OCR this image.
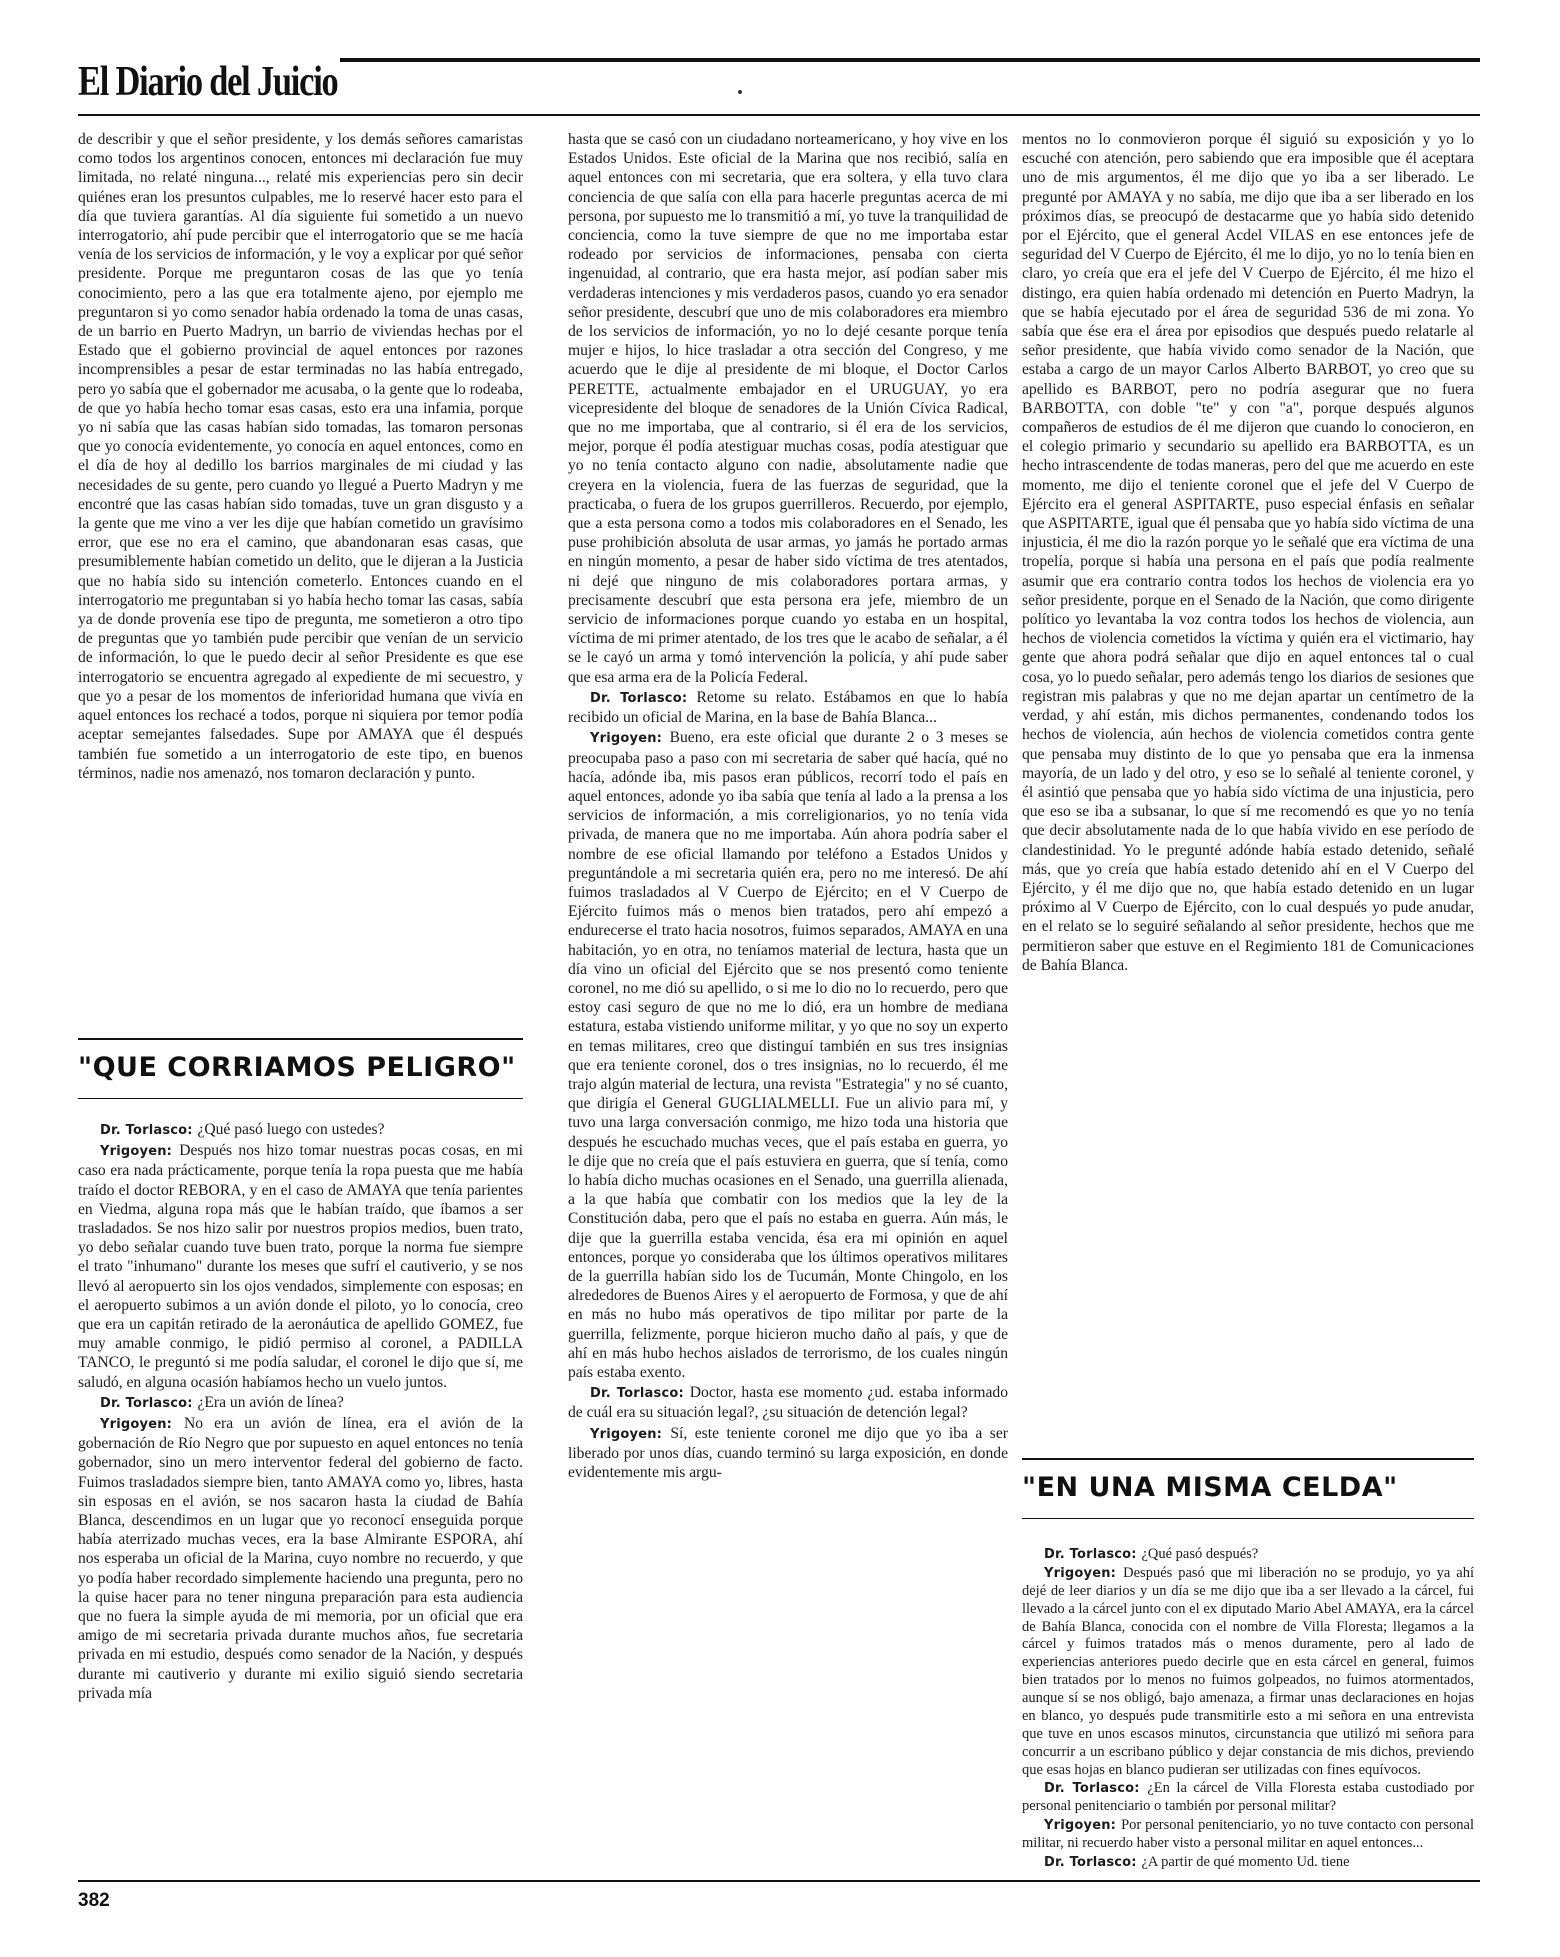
El Diario del Juicio

de describir y que el señor presidente, y los demás señores camaristas como todos los argentinos conocen, entonces mi declaración fue muy limitada, no relaté ninguna..., relaté mis experiencias pero sin decir quiénes eran los presuntos culpables, me lo reservé hacer esto para el día que tuviera garantías. Al día siguiente fui sometido a un nuevo interrogatorio, ahí pude percibir que el interrogatorio que se me hacía venía de los servicios de información, y le voy a explicar por qué señor presidente. Porque me preguntaron cosas de las que yo tenía conocimiento, pero a las que era totalmente ajeno, por ejemplo me preguntaron si yo como senador había ordenado la toma de unas casas, de un barrio en Puerto Madryn, un barrio de viviendas hechas por el Estado que el gobierno provincial de aquel entonces por razones incomprensibles a pesar de estar terminadas no las había entregado, pero yo sabía que el gobernador me acusaba, o la gente que lo rodeaba, de que yo había hecho tomar esas casas, esto era una infamia, porque yo ni sabía que las casas habían sido tomadas, las tomaron personas que yo conocía evidentemente, yo conocía en aquel entonces, como en el día de hoy al dedillo los barrios marginales de mi ciudad y las necesidades de su gente, pero cuando yo llegué a Puerto Madryn y me encontré que las casas habían sido tomadas, tuve un gran disgusto y a la gente que me vino a ver les dije que habían cometido un gravísimo error, que ese no era el camino, que abandonaran esas casas, que presumiblemente habían cometido un delito, que le dijeran a la Justicia que no había sido su intención cometerlo. Entonces cuando en el interrogatorio me preguntaban si yo había hecho tomar las casas, sabía ya de donde provenía ese tipo de pregunta, me sometieron a otro tipo de preguntas que yo también pude percibir que venían de un servicio de información, lo que le puedo decir al señor Presidente es que ese interrogatorio se encuentra agregado al expediente de mi secuestro, y que yo a pesar de los momentos de inferioridad humana que vivía en aquel entonces los rechacé a todos, porque ni siquiera por temor podía aceptar semejantes falsedades. Supe por AMAYA que él después también fue sometido a un interrogatorio de este tipo, en buenos términos, nadie nos amenazó, nos tomaron declaración y punto.

"QUE CORRIAMOS PELIGRO"

Dr. Torlasco: ¿Qué pasó luego con ustedes?

Yrigoyen: Después nos hizo tomar nuestras pocas cosas, en mi caso era nada prácticamente, porque tenía la ropa puesta que me había traído el doctor REBORA, y en el caso de AMAYA que tenía parientes en Viedma, alguna ropa más que le habían traído, que íbamos a ser trasladados. Se nos hizo salir por nuestros propios medios, buen trato, yo debo señalar cuando tuve buen trato, porque la norma fue siempre el trato "inhumano" durante los meses que sufrí el cautiverio, y se nos llevó al aeropuerto sin los ojos vendados, simplemente con esposas; en el aeropuerto subimos a un avión donde el piloto, yo lo conocía, creo que era un capitán retirado de la aeronáutica de apellido GOMEZ, fue muy amable conmigo, le pidió permiso al coronel, a PADILLA TANCO, le preguntó si me podía saludar, el coronel le dijo que sí, me saludó, en alguna ocasión habíamos hecho un vuelo juntos.

Dr. Torlasco: ¿Era un avión de línea?

Yrigoyen: No era un avión de línea, era el avión de la gobernación de Río Negro que por supuesto en aquel entonces no tenía gobernador, sino un mero interventor federal del gobierno de facto. Fuimos trasladados siempre bien, tanto AMAYA como yo, libres, hasta sin esposas en el avión, se nos sacaron hasta la ciudad de Bahía Blanca, descendimos en un lugar que yo reconocí enseguida porque había aterrizado muchas veces, era la base Almirante ESPORA, ahí nos esperaba un oficial de la Marina, cuyo nombre no recuerdo, y que yo podía haber recordado simplemente haciendo una pregunta, pero no la quise hacer para no tener ninguna preparación para esta audiencia que no fuera la simple ayuda de mi memoria, por un oficial que era amigo de mi secretaria privada durante muchos años, fue secretaria privada en mi estudio, después como senador de la Nación, y después durante mi cautiverio y durante mi exilio siguió siendo secretaria privada mía

hasta que se casó con un ciudadano norteamericano, y hoy vive en los Estados Unidos. Este oficial de la Marina que nos recibió, salía en aquel entonces con mi secretaria, que era soltera, y ella tuvo clara conciencia de que salía con ella para hacerle preguntas acerca de mi persona, por supuesto me lo transmitió a mí, yo tuve la tranquilidad de conciencia, como la tuve siempre de que no me importaba estar rodeado por servicios de informaciones, pensaba con cierta ingenuidad, al contrario, que era hasta mejor, así podían saber mis verdaderas intenciones y mis verdaderos pasos, cuando yo era senador señor presidente, descubrí que uno de mis colaboradores era miembro de los servicios de información, yo no lo dejé cesante porque tenía mujer e hijos, lo hice trasladar a otra sección del Congreso, y me acuerdo que le dije al presidente de mi bloque, el Doctor Carlos PERETTE, actualmente embajador en el URUGUAY, yo era vicepresidente del bloque de senadores de la Unión Cívica Radical, que no me importaba, que al contrario, si él era de los servicios, mejor, porque él podía atestiguar muchas cosas, podía atestiguar que yo no tenía contacto alguno con nadie, absolutamente nadie que creyera en la violencia, fuera de las fuerzas de seguridad, que la practicaba, o fuera de los grupos guerrilleros. Recuerdo, por ejemplo, que a esta persona como a todos mis colaboradores en el Senado, les puse prohibición absoluta de usar armas, yo jamás he portado armas en ningún momento, a pesar de haber sido víctima de tres atentados, ni dejé que ninguno de mis colaboradores portara armas, y precisamente descubrí que esta persona era jefe, miembro de un servicio de informaciones porque cuando yo estaba en un hospital, víctima de mi primer atentado, de los tres que le acabo de señalar, a él se le cayó un arma y tomó intervención la policía, y ahí pude saber que esa arma era de la Policía Federal.

Dr. Torlasco: Retome su relato. Estábamos en que lo había recibido un oficial de Marina, en la base de Bahía Blanca...

Yrigoyen: Bueno, era este oficial que durante 2 o 3 meses se preocupaba paso a paso con mi secretaria de saber qué hacía, qué no hacía, adónde iba, mis pasos eran públicos, recorrí todo el país en aquel entonces, adonde yo iba sabía que tenía al lado a la prensa a los servicios de información, a mis correligionarios, yo no tenía vida privada, de manera que no me importaba. Aún ahora podría saber el nombre de ese oficial llamando por teléfono a Estados Unidos y preguntándole a mi secretaria quién era, pero no me interesó. De ahí fuimos trasladados al V Cuerpo de Ejército; en el V Cuerpo de Ejército fuimos más o menos bien tratados, pero ahí empezó a endurecerse el trato hacia nosotros, fuimos separados, AMAYA en una habitación, yo en otra, no teníamos material de lectura, hasta que un día vino un oficial del Ejército que se nos presentó como teniente coronel, no me dió su apellido, o si me lo dio no lo recuerdo, pero que estoy casi seguro de que no me lo dió, era un hombre de mediana estatura, estaba vistiendo uniforme militar, y yo que no soy un experto en temas militares, creo que distinguí también en sus tres insignias que era teniente coronel, dos o tres insignias, no lo recuerdo, él me trajo algún material de lectura, una revista "Estrategia" y no sé cuanto, que dirigía el General GUGLIALMELLI. Fue un alivio para mí, y tuvo una larga conversación conmigo, me hizo toda una historia que después he escuchado muchas veces, que el país estaba en guerra, yo le dije que no creía que el país estuviera en guerra, que sí tenía, como lo había dicho muchas ocasiones en el Senado, una guerrilla alienada, a la que había que combatir con los medios que la ley de la Constitución daba, pero que el país no estaba en guerra. Aún más, le dije que la guerrilla estaba vencida, ésa era mi opinión en aquel entonces, porque yo consideraba que los últimos operativos militares de la guerrilla habían sido los de Tucumán, Monte Chingolo, en los alrededores de Buenos Aires y el aeropuerto de Formosa, y que de ahí en más no hubo más operativos de tipo militar por parte de la guerrilla, felizmente, porque hicieron mucho daño al país, y que de ahí en más hubo hechos aislados de terrorismo, de los cuales ningún país estaba exento.

Dr. Torlasco: Doctor, hasta ese momento ¿ud. estaba informado de cuál era su situación legal?, ¿su situación de detención legal?

Yrigoyen: Sí, este teniente coronel me dijo que yo iba a ser liberado por unos días, cuando terminó su larga exposición, en donde evidentemente mis argu-

mentos no lo conmovieron porque él siguió su exposición y yo lo escuché con atención, pero sabiendo que era imposible que él aceptara uno de mis argumentos, él me dijo que yo iba a ser liberado. Le pregunté por AMAYA y no sabía, me dijo que iba a ser liberado en los próximos días, se preocupó de destacarme que yo había sido detenido por el Ejército, que el general Acdel VILAS en ese entonces jefe de seguridad del V Cuerpo de Ejército, él me lo dijo, yo no lo tenía bien en claro, yo creía que era el jefe del V Cuerpo de Ejército, él me hizo el distingo, era quien había ordenado mi detención en Puerto Madryn, la que se había ejecutado por el área de seguridad 536 de mi zona. Yo sabía que ése era el área por episodios que después puedo relatarle al señor presidente, que había vivido como senador de la Nación, que estaba a cargo de un mayor Carlos Alberto BARBOT, yo creo que su apellido es BARBOT, pero no podría asegurar que no fuera BARBOTTA, con doble "te" y con "a", porque después algunos compañeros de estudios de él me dijeron que cuando lo conocieron, en el colegio primario y secundario su apellido era BARBOTTA, es un hecho intrascendente de todas maneras, pero del que me acuerdo en este momento, me dijo el teniente coronel que el jefe del V Cuerpo de Ejército era el general ASPITARTE, puso especial énfasis en señalar que ASPITARTE, igual que él pensaba que yo había sido víctima de una injusticia, él me dio la razón porque yo le señalé que era víctima de una tropelía, porque si había una persona en el país que podía realmente asumir que era contrario contra todos los hechos de violencia era yo señor presidente, porque en el Senado de la Nación, que como dirigente político yo levantaba la voz contra todos los hechos de violencia, aun hechos de violencia cometidos la víctima y quién era el victimario, hay gente que ahora podrá señalar que dijo en aquel entonces tal o cual cosa, yo lo puedo señalar, pero además tengo los diarios de sesiones que registran mis palabras y que no me dejan apartar un centímetro de la verdad, y ahí están, mis dichos permanentes, condenando todos los hechos de violencia, aún hechos de violencia cometidos contra gente que pensaba muy distinto de lo que yo pensaba que era la inmensa mayoría, de un lado y del otro, y eso se lo señalé al teniente coronel, y él asintió que pensaba que yo había sido víctima de una injusticia, pero que eso se iba a subsanar, lo que sí me recomendó es que yo no tenía que decir absolutamente nada de lo que había vivido en ese período de clandestinidad. Yo le pregunté adónde había estado detenido, señalé más, que yo creía que había estado detenido ahí en el V Cuerpo del Ejército, y él me dijo que no, que había estado detenido en un lugar próximo al V Cuerpo de Ejército, con lo cual después yo pude anudar, en el relato se lo seguiré señalando al señor presidente, hechos que me permitieron saber que estuve en el Regimiento 181 de Comunicaciones de Bahía Blanca.

"EN UNA MISMA CELDA"

Dr. Torlasco: ¿Qué pasó después?

Yrigoyen: Después pasó que mi liberación no se produjo, yo ya ahí dejé de leer diarios y un día se me dijo que iba a ser llevado a la cárcel, fui llevado a la cárcel junto con el ex diputado Mario Abel AMAYA, era la cárcel de Bahía Blanca, conocida con el nombre de Villa Floresta; llegamos a la cárcel y fuimos tratados más o menos duramente, pero al lado de experiencias anteriores puedo decirle que en esta cárcel en general, fuimos bien tratados por lo menos no fuimos golpeados, no fuimos atormentados, aunque sí se nos obligó, bajo amenaza, a firmar unas declaraciones en hojas en blanco, yo después pude transmitirle esto a mi señora en una entrevista que tuve en unos escasos minutos, circunstancia que utilizó mi señora para concurrir a un escribano público y dejar constancia de mis dichos, previendo que esas hojas en blanco pudieran ser utilizadas con fines equívocos.

Dr. Torlasco: ¿En la cárcel de Villa Floresta estaba custodiado por personal penitenciario o también por personal militar?

Yrigoyen: Por personal penitenciario, yo no tuve contacto con personal militar, ni recuerdo haber visto a personal militar en aquel entonces...

Dr. Torlasco: ¿A partir de qué momento Ud. tiene

382
